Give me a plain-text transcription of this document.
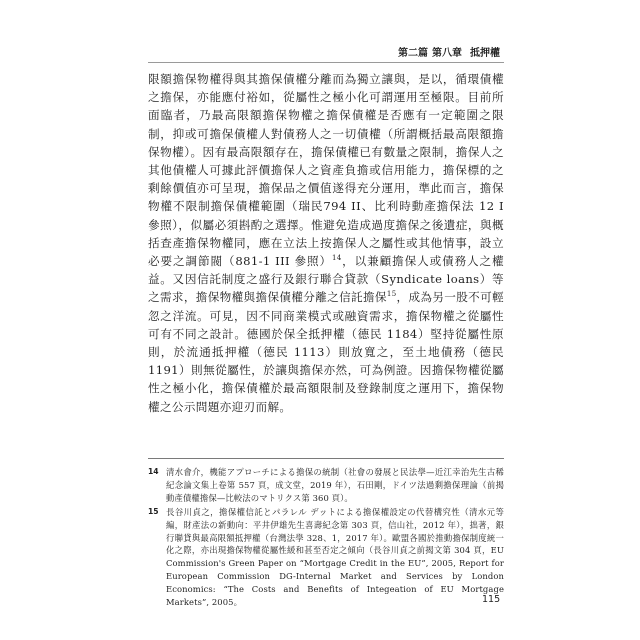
第二篇 第八章 抵押權

限額擔保物權得與其擔保債權分離而為獨立讓與，是以，循環債權之擔保，亦能應付裕如，從屬性之極小化可謂運用至極限。目前所面臨者，乃最高限額擔保物權之擔保債權是否應有一定範圍之限制，抑或可擔保債權人對債務人之一切債權（所謂概括最高限額擔保物權）。因有最高限額存在，擔保債權已有數量之限制，擔保人之其他債權人可據此評價擔保人之資產負擔或信用能力，擔保標的之剩餘價值亦可呈現，擔保品之價值遂得充分運用，準此而言，擔保物權不限制擔保債權範圍（瑞民794 II、比利時動產擔保法 12 I 參照），似屬必須斟酌之選擇。惟避免造成過度擔保之後遺症，與概括查產擔保物權同，應在立法上按擔保人之屬性或其他情事，設立必要之調節閥（881-1 III 參照）$^{14}$，以兼顧擔保人或債務人之權益。又因信託制度之盛行及銀行聯合貸款（Syndicate loans）等之需求，擔保物權與擔保債權分離之信託擔保$^{15}$，成為另一股不可輕忽之洋流。可見，因不同商業模式或融資需求，擔保物權之從屬性可有不同之設計。德國於保全抵押權（德民 1184）堅持從屬性原則，於流通抵押權（德民 1113）則放寬之，至土地債務（德民 1191）則無從屬性，於讓與擔保亦然，可為例證。因擔保物權從屬性之極小化，擔保債權於最高額限制及登錄制度之運用下，擔保物權之公示問題亦迎刃而解。

14 清水會介，機能アプローチによる擔保の統制（社會の發展と民法學—近江幸治先生古稀紀念論文集上卷第 557 頁，成文堂，2019 年），石田剛，ドイツ法過剩擔保理論（前揭動產債權擔保—比較法のマトリクス第 360 頁）。
15 長谷川貞之，擔保權信託とパラレル デットによる擔保權設定の代替構究性（清水元等編，財產法の新動向：平井伊雄先生喜壽紀念第 303 頁，信山社，2012 年），拙著，銀行聯貸與最高限額抵押權（台灣法學 328、1，2017 年）。歐盟各國於推動擔保制度統一化之際，亦出現擔保物權從屬性緩和甚至否定之傾向（長谷川貞之前揭文第 304 頁，EU Commission's Green Paper on “Mortgage Credit in the EU”, 2005, Report for European Commission DG-Internal Market and Services by London Economics: “The Costs and Benefits of Integeation of EU Mortgage Markets”, 2005。	115
